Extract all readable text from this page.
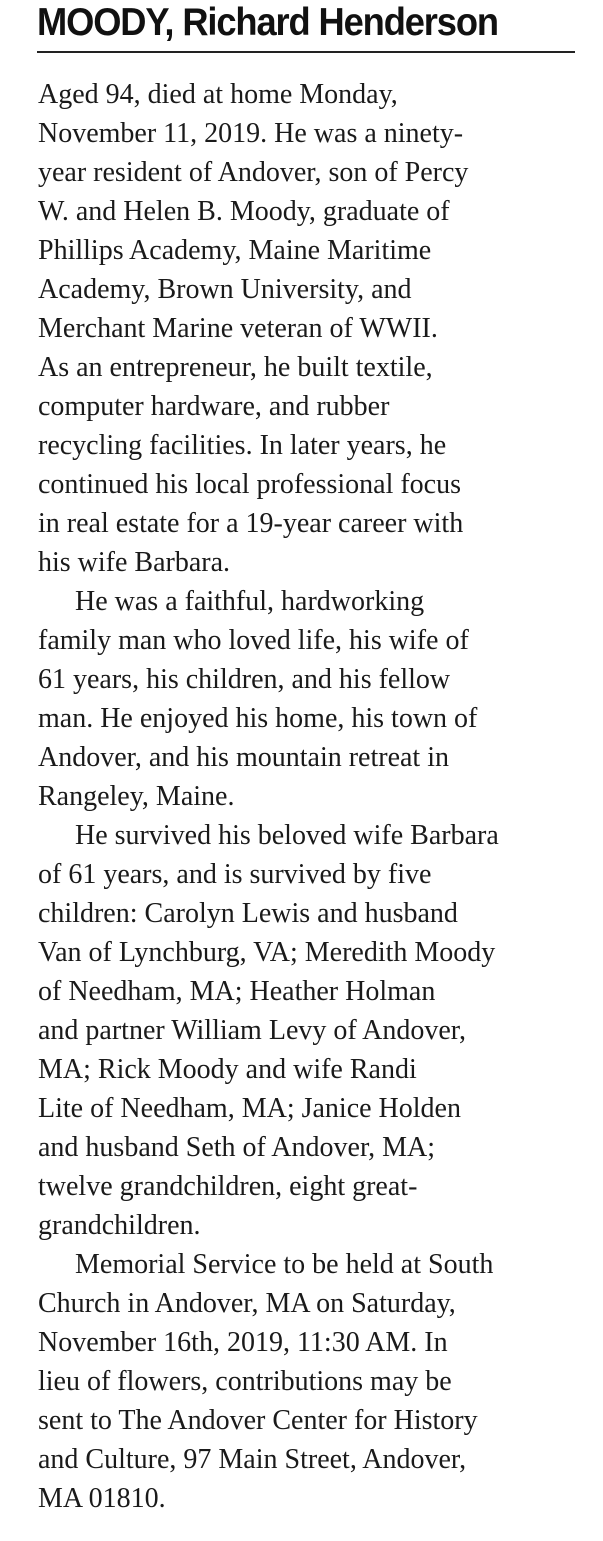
MOODY, Richard Henderson

Aged 94, died at home Monday,
November 11, 2019. He was a ninety-
year resident of Andover, son of Percy
W. and Helen B. Moody, graduate of
Phillips Academy, Maine Maritime
Academy, Brown University, and
Merchant Marine veteran of WWII.
As an entrepreneur, he built textile,
computer hardware, and rubber
recycling facilities. In later years, he
continued his local professional focus
in real estate for a 19-year career with
his wife Barbara.

He was a faithful, hardworking
family man who loved life, his wife of
61 years, his children, and his fellow
man. He enjoyed his home, his town of
Andover, and his mountain retreat in
Rangeley, Maine.

He survived his beloved wife Barbara
of 61 years, and is survived by five
children: Carolyn Lewis and husband
Van of Lynchburg, VA; Meredith Moody
of Needham, MA; Heather Holman
and partner William Levy of Andover,
MA; Rick Moody and wife Randi
Lite of Needham, MA; Janice Holden
and husband Seth of Andover, MA;
twelve grandchildren, eight great-
grandchildren.

Memorial Service to be held at South
Church in Andover, MA on Saturday,
November 16th, 2019, 11:30 AM. In
lieu of flowers, contributions may be
sent to The Andover Center for History
and Culture, 97 Main Street, Andover,
MA 01810.
